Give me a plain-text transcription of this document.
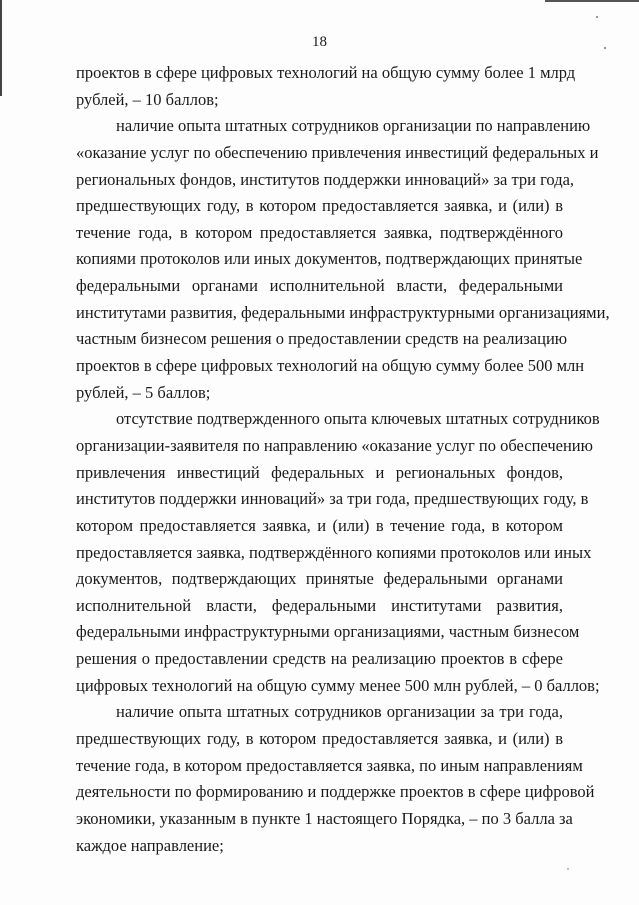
18
проектов в сфере цифровых технологий на общую сумму более 1 млрд
рублей, – 10 баллов;
наличие опыта штатных сотрудников организации по направлению
«оказание услуг по обеспечению привлечения инвестиций федеральных и
региональных фондов, институтов поддержки инноваций» за три года,
предшествующих году, в котором предоставляется заявка, и (или) в
течение года, в котором предоставляется заявка, подтверждённого
копиями протоколов или иных документов, подтверждающих принятые
федеральными органами исполнительной власти, федеральными
институтами развития, федеральными инфраструктурными организациями,
частным бизнесом решения о предоставлении средств на реализацию
проектов в сфере цифровых технологий на общую сумму более 500 млн
рублей, – 5 баллов;
отсутствие подтвержденного опыта ключевых штатных сотрудников
организации-заявителя по направлению «оказание услуг по обеспечению
привлечения инвестиций федеральных и региональных фондов,
институтов поддержки инноваций» за три года, предшествующих году, в
котором предоставляется заявка, и (или) в течение года, в котором
предоставляется заявка, подтверждённого копиями протоколов или иных
документов, подтверждающих принятые федеральными органами
исполнительной власти, федеральными институтами развития,
федеральными инфраструктурными организациями, частным бизнесом
решения о предоставлении средств на реализацию проектов в сфере
цифровых технологий на общую сумму менее 500 млн рублей, – 0 баллов;
наличие опыта штатных сотрудников организации за три года,
предшествующих году, в котором предоставляется заявка, и (или) в
течение года, в котором предоставляется заявка, по иным направлениям
деятельности по формированию и поддержке проектов в сфере цифровой
экономики, указанным в пункте 1 настоящего Порядка, – по 3 балла за
каждое направление;
